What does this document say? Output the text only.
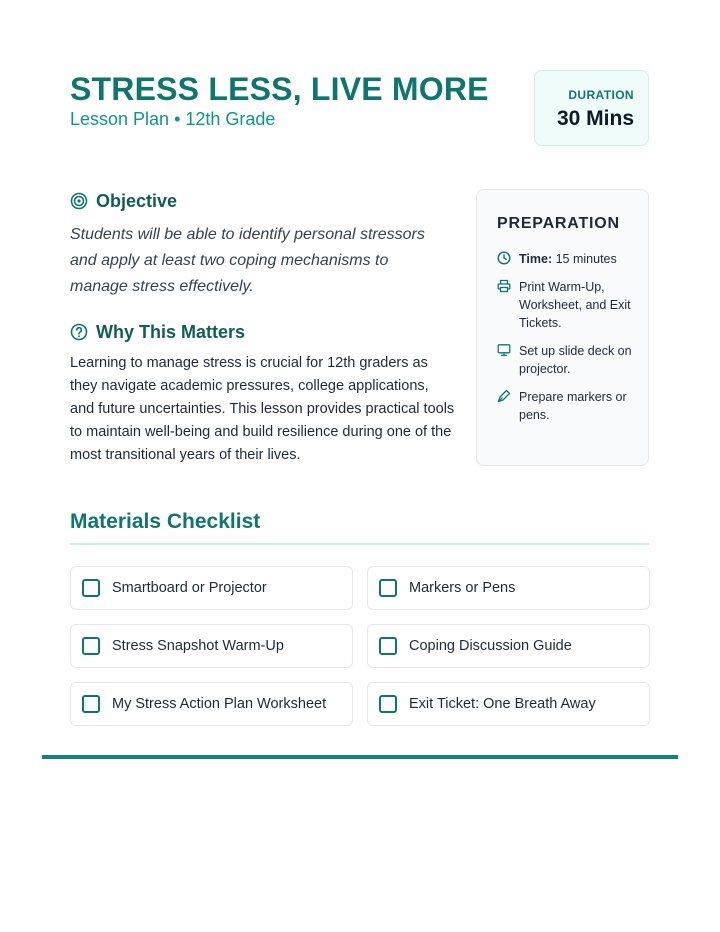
STRESS LESS, LIVE MORE
Lesson Plan • 12th Grade
DURATION
30 Mins
Objective
Students will be able to identify personal stressors and apply at least two coping mechanisms to manage stress effectively.
Why This Matters
Learning to manage stress is crucial for 12th graders as they navigate academic pressures, college applications, and future uncertainties. This lesson provides practical tools to maintain well-being and build resilience during one of the most transitional years of their lives.
PREPARATION
Time: 15 minutes
Print Warm-Up, Worksheet, and Exit Tickets.
Set up slide deck on projector.
Prepare markers or pens.
Materials Checklist
Smartboard or Projector	Markers or Pens
Stress Snapshot Warm-Up	Coping Discussion Guide
My Stress Action Plan Worksheet	Exit Ticket: One Breath Away
